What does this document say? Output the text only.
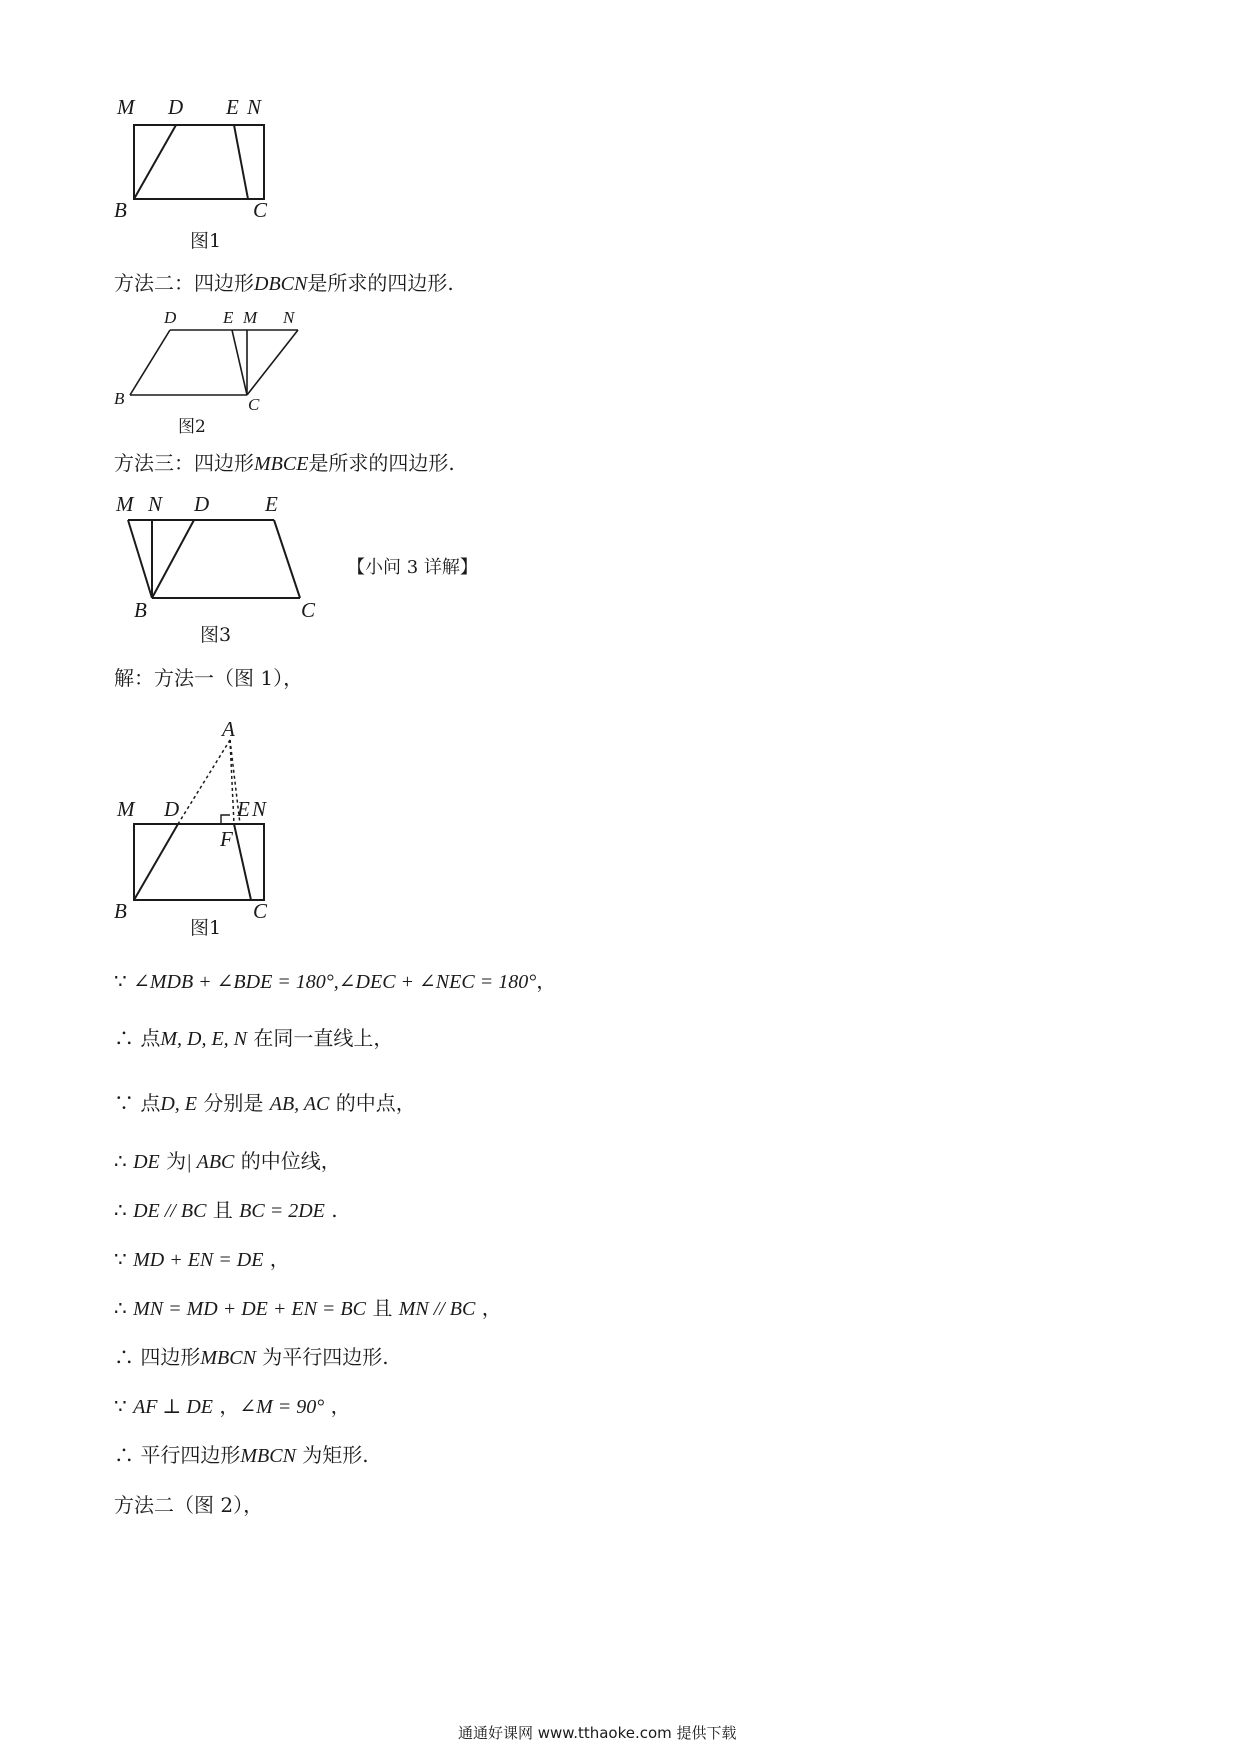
M D E N
B	C
图1
方法二：四边形DBCN是所求的四边形.
D	E M N
B	C
图2
方法三：四边形MBCE是所求的四边形.
M N D	E
B	C
图3
【小问 3 详解】
解：方法一（图 1），
A
M D	E N
F
B	C
图1
∵ ∠MDB + ∠BDE = 180°,∠DEC + ∠NEC = 180°，
∴ 点M, D, E, N 在同一直线上，
∵ 点D, E 分别是 AB, AC 的中点，
∴ DE 为| ABC 的中位线，
∴ DE // BC 且 BC = 2DE .
∵ MD + EN = DE ，
∴ MN = MD + DE + EN = BC 且 MN // BC ，
∴ 四边形MBCN 为平行四边形.
∵ AF ⊥ DE ，∠M = 90° ，
∴ 平行四边形MBCN 为矩形.
方法二（图 2），
通通好课网 www.tthaoke.com 提供下载
